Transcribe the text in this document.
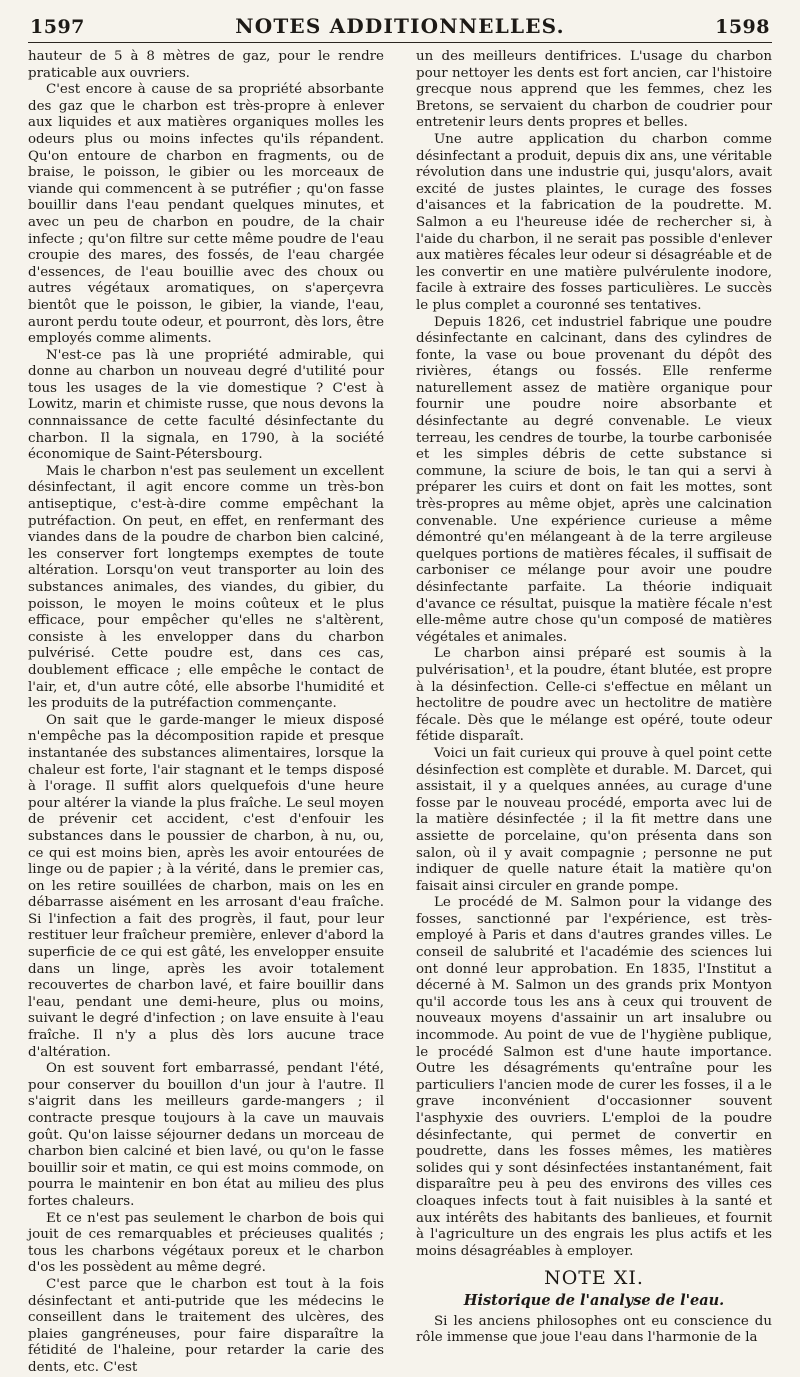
1597	NOTES ADDITIONNELLES.	1598

hauteur de 5 à 8 mètres de gaz, pour le rendre praticable aux ouvriers.

C'est encore à cause de sa propriété absorbante des gaz que le charbon est très-propre à enlever aux liquides et aux matières organiques molles les odeurs plus ou moins infectes qu'ils répandent. Qu'on entoure de charbon en fragments, ou de braise, le poisson, le gibier ou les morceaux de viande qui commencent à se putréfier ; qu'on fasse bouillir dans l'eau pendant quelques minutes, et avec un peu de charbon en poudre, de la chair infecte ; qu'on filtre sur cette même poudre de l'eau croupie des mares, des fossés, de l'eau chargée d'essences, de l'eau bouillie avec des choux ou autres végétaux aromatiques, on s'aperçevra bientôt que le poisson, le gibier, la viande, l'eau, auront perdu toute odeur, et pourront, dès lors, être employés comme aliments.

N'est-ce pas là une propriété admirable, qui donne au charbon un nouveau degré d'utilité pour tous les usages de la vie domestique ? C'est à Lowitz, marin et chimiste russe, que nous devons la connnaissance de cette faculté désinfectante du charbon. Il la signala, en 1790, à la société économique de Saint-Pétersbourg.

Mais le charbon n'est pas seulement un excellent désinfectant, il agit encore comme un très-bon antiseptique, c'est-à-dire comme empêchant la putréfaction. On peut, en effet, en renfermant des viandes dans de la poudre de charbon bien calciné, les conserver fort longtemps exemptes de toute altération. Lorsqu'on veut transporter au loin des substances animales, des viandes, du gibier, du poisson, le moyen le moins coûteux et le plus efficace, pour empêcher qu'elles ne s'altèrent, consiste à les envelopper dans du charbon pulvérisé. Cette poudre est, dans ces cas, doublement efficace ; elle empêche le contact de l'air, et, d'un autre côté, elle absorbe l'humidité et les produits de la putréfaction commençante.

On sait que le garde-manger le mieux disposé n'empêche pas la décomposition rapide et presque instantanée des substances alimentaires, lorsque la chaleur est forte, l'air stagnant et le temps disposé à l'orage. Il suffit alors quelquefois d'une heure pour altérer la viande la plus fraîche. Le seul moyen de prévenir cet accident, c'est d'enfouir les substances dans le poussier de charbon, à nu, ou, ce qui est moins bien, après les avoir entourées de linge ou de papier ; à la vérité, dans le premier cas, on les retire souillées de charbon, mais on les en débarrasse aisément en les arrosant d'eau fraîche. Si l'infection a fait des progrès, il faut, pour leur restituer leur fraîcheur première, enlever d'abord la superficie de ce qui est gâté, les envelopper ensuite dans un linge, après les avoir totalement recouvertes de charbon lavé, et faire bouillir dans l'eau, pendant une demi-heure, plus ou moins, suivant le degré d'infection ; on lave ensuite à l'eau fraîche. Il n'y a plus dès lors aucune trace d'altération.

On est souvent fort embarrassé, pendant l'été, pour conserver du bouillon d'un jour à l'autre. Il s'aigrit dans les meilleurs garde-mangers ; il contracte presque toujours à la cave un mauvais goût. Qu'on laisse séjourner dedans un morceau de charbon bien calciné et bien lavé, ou qu'on le fasse bouillir soir et matin, ce qui est moins commode, on pourra le maintenir en bon état au milieu des plus fortes chaleurs.

Et ce n'est pas seulement le charbon de bois qui jouit de ces remarquables et précieuses qualités ; tous les charbons végétaux poreux et le charbon d'os les possèdent au même degré.

C'est parce que le charbon est tout à la fois désinfectant et anti-putride que les médecins le conseillent dans le traitement des ulcères, des plaies gangréneuses, pour faire disparaître la fétidité de l'haleine, pour retarder la carie des dents, etc. C'est

un des meilleurs dentifrices. L'usage du charbon pour nettoyer les dents est fort ancien, car l'histoire grecque nous apprend que les femmes, chez les Bretons, se servaient du charbon de coudrier pour entretenir leurs dents propres et belles.

Une autre application du charbon comme désinfectant a produit, depuis dix ans, une véritable révolution dans une industrie qui, jusqu'alors, avait excité de justes plaintes, le curage des fosses d'aisances et la fabrication de la poudrette. M. Salmon a eu l'heureuse idée de rechercher si, à l'aide du charbon, il ne serait pas possible d'enlever aux matières fécales leur odeur si désagréable et de les convertir en une matière pulvérulente inodore, facile à extraire des fosses particulières. Le succès le plus complet a couronné ses tentatives.

Depuis 1826, cet industriel fabrique une poudre désinfectante en calcinant, dans des cylindres de fonte, la vase ou boue provenant du dépôt des rivières, étangs ou fossés. Elle renferme naturellement assez de matière organique pour fournir une poudre noire absorbante et désinfectante au degré convenable. Le vieux terreau, les cendres de tourbe, la tourbe carbonisée et les simples débris de cette substance si commune, la sciure de bois, le tan qui a servi à préparer les cuirs et dont on fait les mottes, sont très-propres au même objet, après une calcination convenable. Une expérience curieuse a même démontré qu'en mélangeant à de la terre argileuse quelques portions de matières fécales, il suffisait de carboniser ce mélange pour avoir une poudre désinfectante parfaite. La théorie indiquait d'avance ce résultat, puisque la matière fécale n'est elle-même autre chose qu'un composé de matières végétales et animales.

Le charbon ainsi préparé est soumis à la pulvérisation¹, et la poudre, étant blutée, est propre à la désinfection. Celle-ci s'effectue en mêlant un hectolitre de poudre avec un hectolitre de matière fécale. Dès que le mélange est opéré, toute odeur fétide disparaît.

Voici un fait curieux qui prouve à quel point cette désinfection est complète et durable. M. Darcet, qui assistait, il y a quelques années, au curage d'une fosse par le nouveau procédé, emporta avec lui de la matière désinfectée ; il la fit mettre dans une assiette de porcelaine, qu'on présenta dans son salon, où il y avait compagnie ; personne ne put indiquer de quelle nature était la matière qu'on faisait ainsi circuler en grande pompe.

Le procédé de M. Salmon pour la vidange des fosses, sanctionné par l'expérience, est très-employé à Paris et dans d'autres grandes villes. Le conseil de salubrité et l'académie des sciences lui ont donné leur approbation. En 1835, l'Institut a décerné à M. Salmon un des grands prix Montyon qu'il accorde tous les ans à ceux qui trouvent de nouveaux moyens d'assainir un art insalubre ou incommode. Au point de vue de l'hygiène publique, le procédé Salmon est d'une haute importance. Outre les désagréments qu'entraîne pour les particuliers l'ancien mode de curer les fosses, il a le grave inconvénient d'occasionner souvent l'asphyxie des ouvriers. L'emploi de la poudre désinfectante, qui permet de convertir en poudrette, dans les fosses mêmes, les matières solides qui y sont désinfectées instantanément, fait disparaître peu à peu des environs des villes ces cloaques infects tout à fait nuisibles à la santé et aux intérêts des habitants des banlieues, et fournit à l'agriculture un des engrais les plus actifs et les moins désagréables à employer.

NOTE XI.
Historique de l'analyse de l'eau.

Si les anciens philosophes ont eu conscience du rôle immense que joue l'eau dans l'harmonie de la
